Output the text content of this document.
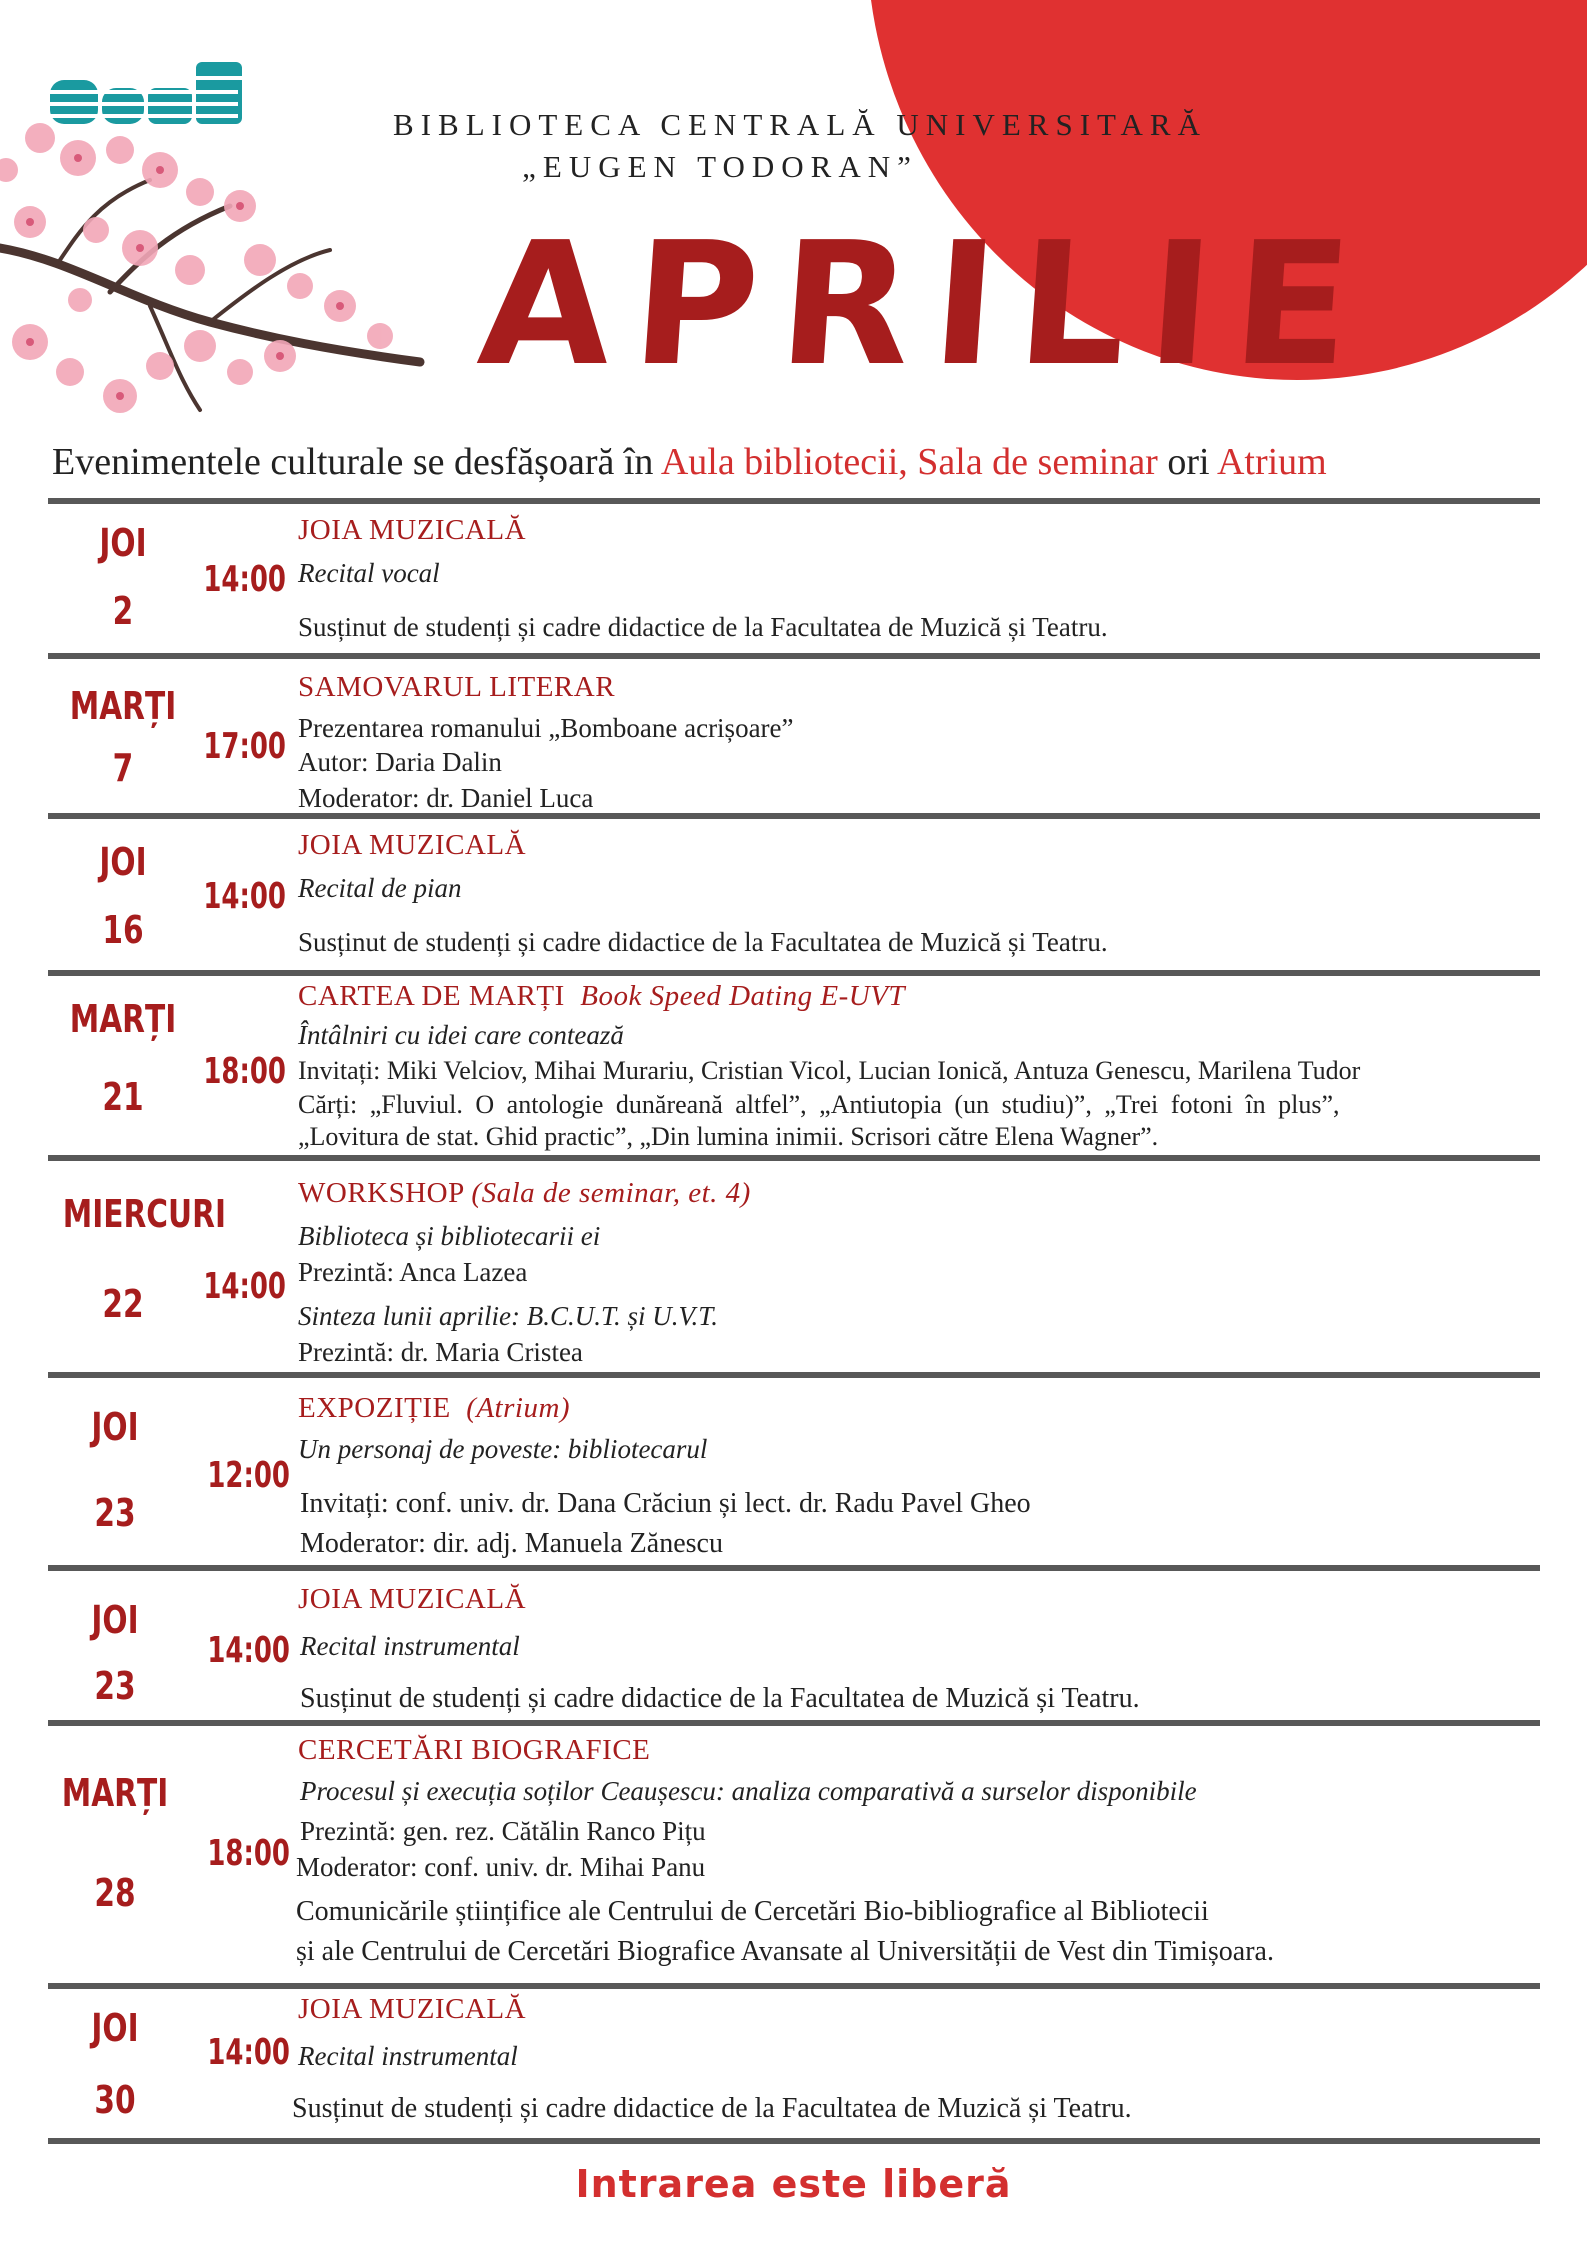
BIBLIOTECA CENTRALĂ UNIVERSITARĂ
„EUGEN TODORAN”
APRILIE
Evenimentele culturale se desfășoară în Aula bibliotecii, Sala de seminar ori Atrium
JOI
2
14:00
JOIA MUZICALĂ
Recital vocal
Susținut de studenți și cadre didactice de la Facultatea de Muzică și Teatru.
MARȚI
7	17:00
SAMOVARUL LITERAR
Prezentarea romanului „Bomboane acrișoare”
Autor: Daria Dalin
Moderator: dr. Daniel Luca
JOI
16
14:00
JOIA MUZICALĂ
Recital de pian
Susținut de studenți și cadre didactice de la Facultatea de Muzică și Teatru.
MARȚI
21
18:00
CARTEA DE MARȚI Book Speed Dating E-UVT
Întâlniri cu idei care contează
Invitați: Miki Velciov, Mihai Murariu, Cristian Vicol, Lucian Ionică, Antuza Genescu, Marilena Tudor
Cărți: „Fluviul. O antologie dunăreană altfel”, „Antiutopia (un studiu)”, „Trei fotoni în plus”,
„Lovitura de stat. Ghid practic”, „Din lumina inimii. Scrisori către Elena Wagner”.
MIERCURI
22	14:00
WORKSHOP (Sala de seminar, et. 4)
Biblioteca și bibliotecarii ei
Prezintă: Anca Lazea
Sinteza lunii aprilie: B.C.U.T. și U.V.T.
Prezintă: dr. Maria Cristea
JOI
23
12:00
EXPOZIȚIE (Atrium)
Un personaj de poveste: bibliotecarul
Invitați: conf. univ. dr. Dana Crăciun și lect. dr. Radu Pavel Gheo
Moderator: dir. adj. Manuela Zănescu
JOI
23
14:00
JOIA MUZICALĂ
Recital instrumental
Susținut de studenți și cadre didactice de la Facultatea de Muzică și Teatru.
MARȚI
28
18:00
CERCETĂRI BIOGRAFICE
Procesul și execuția soților Ceaușescu: analiza comparativă a surselor disponibile
Prezintă: gen. rez. Cătălin Ranco Pițu
Moderator: conf. univ. dr. Mihai Panu
Comunicările științifice ale Centrului de Cercetări Bio-bibliografice al Bibliotecii
și ale Centrului de Cercetări Biografice Avansate al Universității de Vest din Timișoara.
JOI
30
14:00
JOIA MUZICALĂ
Recital instrumental
Susținut de studenți și cadre didactice de la Facultatea de Muzică și Teatru.
Intrarea este liberă
